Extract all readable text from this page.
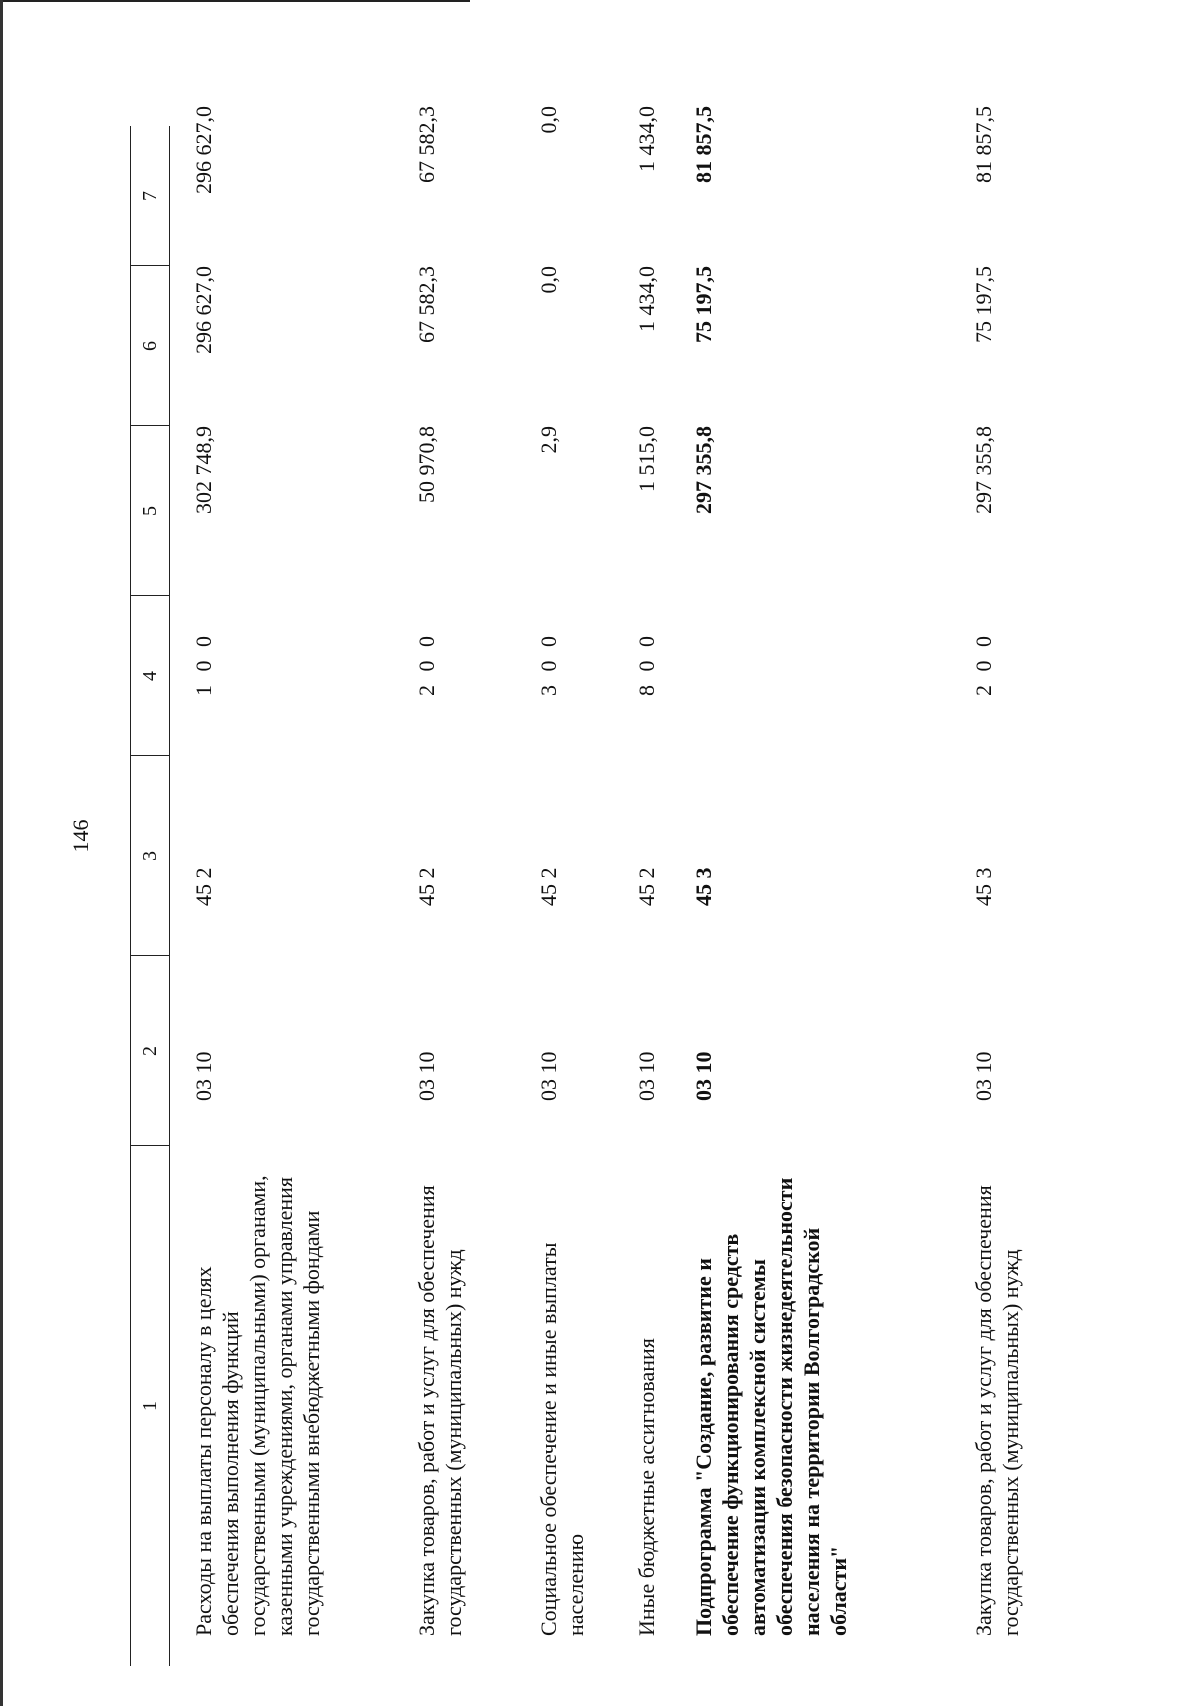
146
1
2
3
4
5
6
7
Расходы на выплаты персоналу в целях обеспечения выполнения функций государственными (муниципальными) органами, казенными учреждениями, органами управления государственными внебюджетными фондами
03 10
45 2
1 0 0
302 748,9
296 627,0
296 627,0
Закупка товаров, работ и услуг для обеспечения государственных (муниципальных) нужд
03 10
45 2
2 0 0
50 970,8
67 582,3
67 582,3
Социальное обеспечение и иные выплаты населению
03 10
45 2
3 0 0
2,9
0,0
0,0
Иные бюджетные ассигнования
03 10
45 2
8 0 0
1 515,0
1 434,0
1 434,0
Подпрограмма "Создание, развитие и обеспечение функционирования средств автоматизации комплексной системы обеспечения безопасности жизнедеятельности населения на территории Волгоградской области"
03 10
45 3
297 355,8
75 197,5
81 857,5
Закупка товаров, работ и услуг для обеспечения государственных (муниципальных) нужд
03 10
45 3
2 0 0
297 355,8
75 197,5
81 857,5
